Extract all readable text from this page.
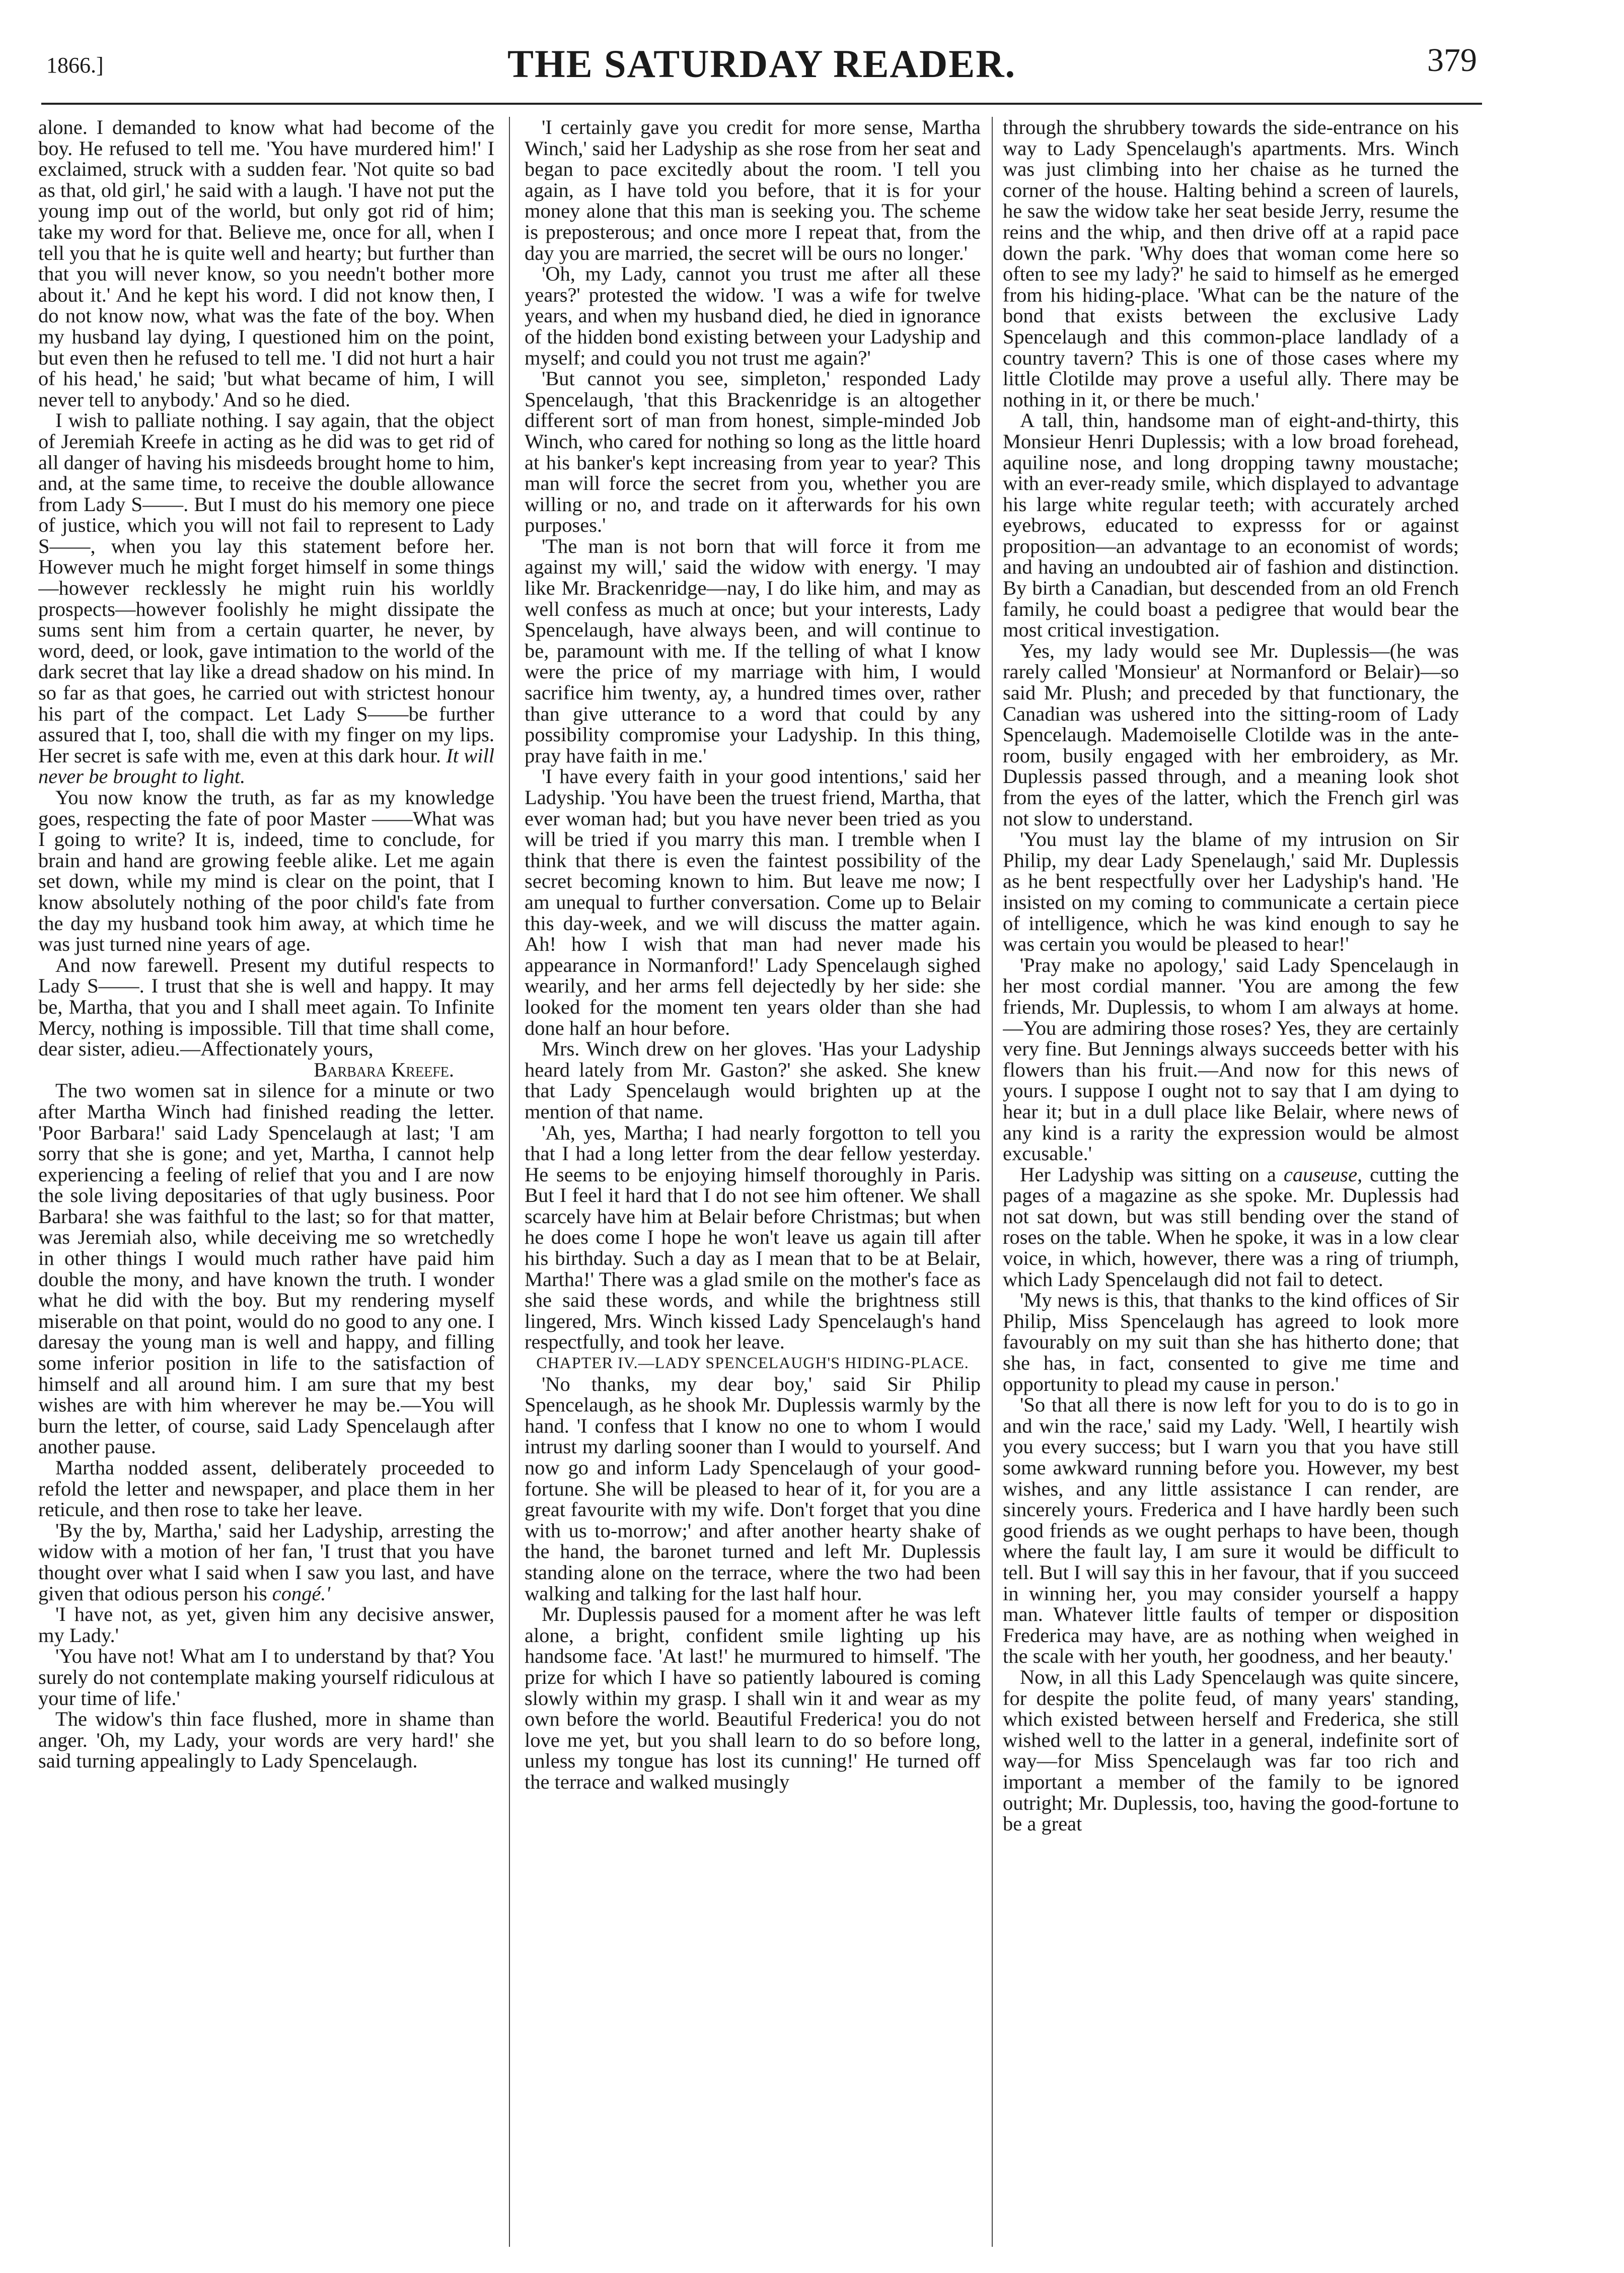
1866.]	THE SATURDAY READER.	379

alone. I demanded to know what had become of the boy. He refused to tell me. 'You have murdered him!' I exclaimed, struck with a sudden fear. 'Not quite so bad as that, old girl,' he said with a laugh. 'I have not put the young imp out of the world, but only got rid of him; take my word for that. Believe me, once for all, when I tell you that he is quite well and hearty; but further than that you will never know, so you needn't bother more about it.' And he kept his word. I did not know then, I do not know now, what was the fate of the boy. When my husband lay dying, I questioned him on the point, but even then he refused to tell me. 'I did not hurt a hair of his head,' he said; 'but what became of him, I will never tell to anybody.' And so he died.

I wish to palliate nothing. I say again, that the object of Jeremiah Kreefe in acting as he did was to get rid of all danger of having his misdeeds brought home to him, and, at the same time, to receive the double allowance from Lady S——. But I must do his memory one piece of justice, which you will not fail to represent to Lady S——, when you lay this statement before her. However much he might forget himself in some things—however recklessly he might ruin his worldly prospects—however foolishly he might dissipate the sums sent him from a certain quarter, he never, by word, deed, or look, gave intimation to the world of the dark secret that lay like a dread shadow on his mind. In so far as that goes, he carried out with strictest honour his part of the compact. Let Lady S——be further assured that I, too, shall die with my finger on my lips. Her secret is safe with me, even at this dark hour. It will never be brought to light.

You now know the truth, as far as my knowledge goes, respecting the fate of poor Master ——What was I going to write? It is, indeed, time to conclude, for brain and hand are growing feeble alike. Let me again set down, while my mind is clear on the point, that I know absolutely nothing of the poor child's fate from the day my husband took him away, at which time he was just turned nine years of age.

And now farewell. Present my dutiful respects to Lady S——. I trust that she is well and happy. It may be, Martha, that you and I shall meet again. To Infinite Mercy, nothing is impossible. Till that time shall come, dear sister, adieu.—Affectionately yours,

Barbara Kreefe.

The two women sat in silence for a minute or two after Martha Winch had finished reading the letter. 'Poor Barbara!' said Lady Spencelaugh at last; 'I am sorry that she is gone; and yet, Martha, I cannot help experiencing a feeling of relief that you and I are now the sole living depositaries of that ugly business. Poor Barbara! she was faithful to the last; so for that matter, was Jeremiah also, while deceiving me so wretchedly in other things I would much rather have paid him double the mony, and have known the truth. I wonder what he did with the boy. But my rendering myself miserable on that point, would do no good to any one. I daresay the young man is well and happy, and filling some inferior position in life to the satisfaction of himself and all around him. I am sure that my best wishes are with him wherever he may be.—You will burn the letter, of course, said Lady Spencelaugh after another pause.

Martha nodded assent, deliberately proceeded to refold the letter and newspaper, and place them in her reticule, and then rose to take her leave.

'By the by, Martha,' said her Ladyship, arresting the widow with a motion of her fan, 'I trust that you have thought over what I said when I saw you last, and have given that odious person his congé.'

'I have not, as yet, given him any decisive answer, my Lady.'

'You have not! What am I to understand by that? You surely do not contemplate making yourself ridiculous at your time of life.'

The widow's thin face flushed, more in shame than anger. 'Oh, my Lady, your words are very hard!' she said turning appealingly to Lady Spencelaugh.

'I certainly gave you credit for more sense, Martha Winch,' said her Ladyship as she rose from her seat and began to pace excitedly about the room. 'I tell you again, as I have told you before, that it is for your money alone that this man is seeking you. The scheme is preposterous; and once more I repeat that, from the day you are married, the secret will be ours no longer.'

'Oh, my Lady, cannot you trust me after all these years?' protested the widow. 'I was a wife for twelve years, and when my husband died, he died in ignorance of the hidden bond existing between your Ladyship and myself; and could you not trust me again?'

'But cannot you see, simpleton,' responded Lady Spencelaugh, 'that this Brackenridge is an altogether different sort of man from honest, simple-minded Job Winch, who cared for nothing so long as the little hoard at his banker's kept increasing from year to year? This man will force the secret from you, whether you are willing or no, and trade on it afterwards for his own purposes.'

'The man is not born that will force it from me against my will,' said the widow with energy. 'I may like Mr. Brackenridge—nay, I do like him, and may as well confess as much at once; but your interests, Lady Spencelaugh, have always been, and will continue to be, paramount with me. If the telling of what I know were the price of my marriage with him, I would sacrifice him twenty, ay, a hundred times over, rather than give utterance to a word that could by any possibility compromise your Ladyship. In this thing, pray have faith in me.'

'I have every faith in your good intentions,' said her Ladyship. 'You have been the truest friend, Martha, that ever woman had; but you have never been tried as you will be tried if you marry this man. I tremble when I think that there is even the faintest possibility of the secret becoming known to him. But leave me now; I am unequal to further conversation. Come up to Belair this day-week, and we will discuss the matter again. Ah! how I wish that man had never made his appearance in Normanford!' Lady Spencelaugh sighed wearily, and her arms fell dejectedly by her side: she looked for the moment ten years older than she had done half an hour before.

Mrs. Winch drew on her gloves. 'Has your Ladyship heard lately from Mr. Gaston?' she asked. She knew that Lady Spencelaugh would brighten up at the mention of that name.

'Ah, yes, Martha; I had nearly forgotton to tell you that I had a long letter from the dear fellow yesterday. He seems to be enjoying himself thoroughly in Paris. But I feel it hard that I do not see him oftener. We shall scarcely have him at Belair before Christmas; but when he does come I hope he won't leave us again till after his birthday. Such a day as I mean that to be at Belair, Martha!' There was a glad smile on the mother's face as she said these words, and while the brightness still lingered, Mrs. Winch kissed Lady Spencelaugh's hand respectfully, and took her leave.

CHAPTER IV.—LADY SPENCELAUGH'S HIDING-PLACE.

'No thanks, my dear boy,' said Sir Philip Spencelaugh, as he shook Mr. Duplessis warmly by the hand. 'I confess that I know no one to whom I would intrust my darling sooner than I would to yourself. And now go and inform Lady Spencelaugh of your good-fortune. She will be pleased to hear of it, for you are a great favourite with my wife. Don't forget that you dine with us to-morrow;' and after another hearty shake of the hand, the baronet turned and left Mr. Duplessis standing alone on the terrace, where the two had been walking and talking for the last half hour.

Mr. Duplessis paused for a moment after he was left alone, a bright, confident smile lighting up his handsome face. 'At last!' he murmured to himself. 'The prize for which I have so patiently laboured is coming slowly within my grasp. I shall win it and wear as my own before the world. Beautiful Frederica! you do not love me yet, but you shall learn to do so before long, unless my tongue has lost its cunning!' He turned off the terrace and walked musingly

through the shrubbery towards the side-entrance on his way to Lady Spencelaugh's apartments. Mrs. Winch was just climbing into her chaise as he turned the corner of the house. Halting behind a screen of laurels, he saw the widow take her seat beside Jerry, resume the reins and the whip, and then drive off at a rapid pace down the park. 'Why does that woman come here so often to see my lady?' he said to himself as he emerged from his hiding-place. 'What can be the nature of the bond that exists between the exclusive Lady Spencelaugh and this common-place landlady of a country tavern? This is one of those cases where my little Clotilde may prove a useful ally. There may be nothing in it, or there be much.'

A tall, thin, handsome man of eight-and-thirty, this Monsieur Henri Duplessis; with a low broad forehead, aquiline nose, and long dropping tawny moustache; with an ever-ready smile, which displayed to advantage his large white regular teeth; with accurately arched eyebrows, educated to expresss for or against proposition—an advantage to an economist of words; and having an undoubted air of fashion and distinction. By birth a Canadian, but descended from an old French family, he could boast a pedigree that would bear the most critical investigation.

Yes, my lady would see Mr. Duplessis—(he was rarely called 'Monsieur' at Normanford or Belair)—so said Mr. Plush; and preceded by that functionary, the Canadian was ushered into the sitting-room of Lady Spencelaugh. Mademoiselle Clotilde was in the ante-room, busily engaged with her embroidery, as Mr. Duplessis passed through, and a meaning look shot from the eyes of the latter, which the French girl was not slow to understand.

'You must lay the blame of my intrusion on Sir Philip, my dear Lady Spenelaugh,' said Mr. Duplessis as he bent respectfully over her Ladyship's hand. 'He insisted on my coming to communicate a certain piece of intelligence, which he was kind enough to say he was certain you would be pleased to hear!'

'Pray make no apology,' said Lady Spencelaugh in her most cordial manner. 'You are among the few friends, Mr. Duplessis, to whom I am always at home.—You are admiring those roses? Yes, they are certainly very fine. But Jennings always succeeds better with his flowers than his fruit.—And now for this news of yours. I suppose I ought not to say that I am dying to hear it; but in a dull place like Belair, where news of any kind is a rarity the expression would be almost excusable.'

Her Ladyship was sitting on a causeuse, cutting the pages of a magazine as she spoke. Mr. Duplessis had not sat down, but was still bending over the stand of roses on the table. When he spoke, it was in a low clear voice, in which, however, there was a ring of triumph, which Lady Spencelaugh did not fail to detect.

'My news is this, that thanks to the kind offices of Sir Philip, Miss Spencelaugh has agreed to look more favourably on my suit than she has hitherto done; that she has, in fact, consented to give me time and opportunity to plead my cause in person.'

'So that all there is now left for you to do is to go in and win the race,' said my Lady. 'Well, I heartily wish you every success; but I warn you that you have still some awkward running before you. However, my best wishes, and any little assistance I can render, are sincerely yours. Frederica and I have hardly been such good friends as we ought perhaps to have been, though where the fault lay, I am sure it would be difficult to tell. But I will say this in her favour, that if you succeed in winning her, you may consider yourself a happy man. Whatever little faults of temper or disposition Frederica may have, are as nothing when weighed in the scale with her youth, her goodness, and her beauty.'

Now, in all this Lady Spencelaugh was quite sincere, for despite the polite feud, of many years' standing, which existed between herself and Frederica, she still wished well to the latter in a general, indefinite sort of way—for Miss Spencelaugh was far too rich and important a member of the family to be ignored outright; Mr. Duplessis, too, having the good-fortune to be a great
